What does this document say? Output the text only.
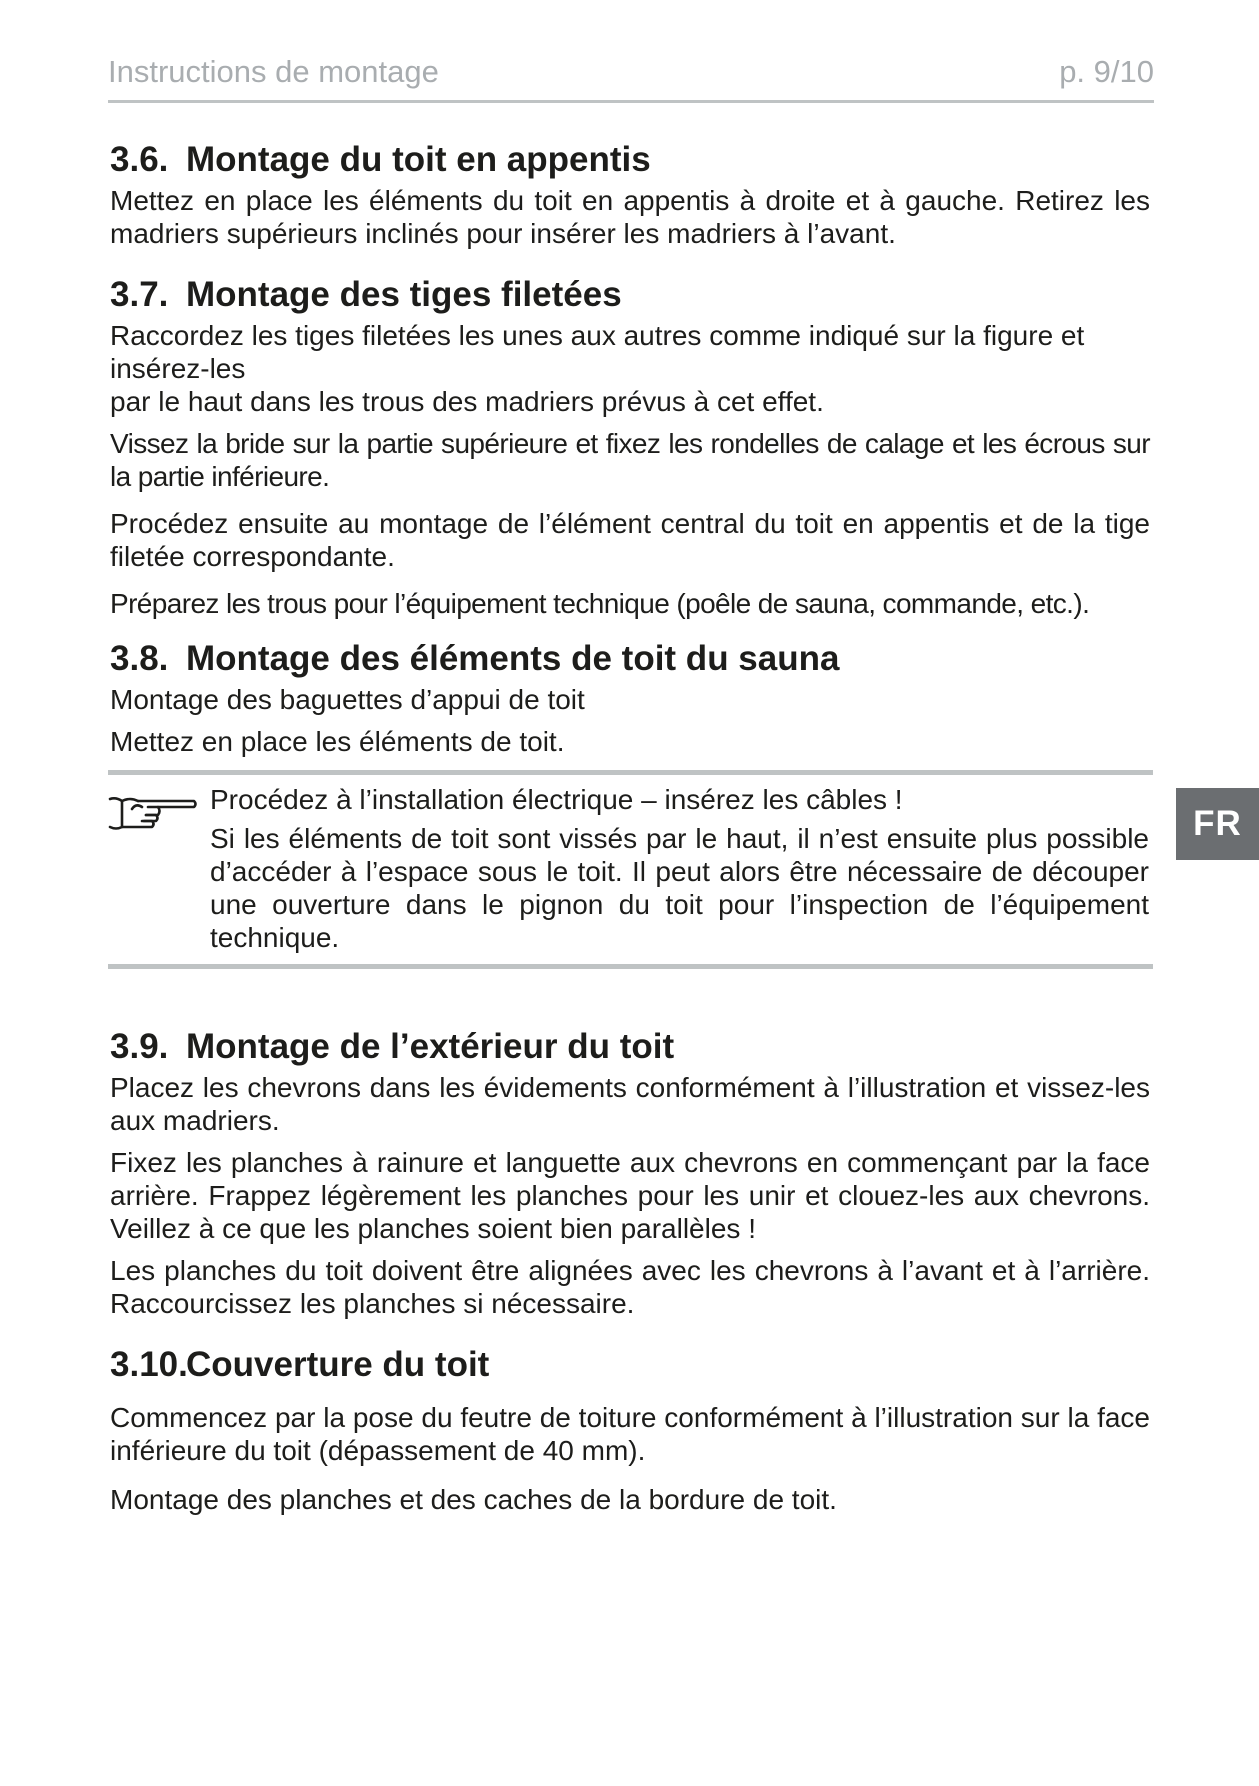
Instructions de montage	p. 9/10
FR
3.6. Montage du toit en appentis

Mettez en place les éléments du toit en appentis à droite et à gauche. Retirez les madriers supérieurs inclinés pour insérer les madriers à l’avant.

3.7. Montage des tiges filetées

Raccordez les tiges filetées les unes aux autres comme indiqué sur la figure et insérez-les

par le haut dans les trous des madriers prévus à cet effet.

Vissez la bride sur la partie supérieure et fixez les rondelles de calage et les écrous sur la partie inférieure.

Procédez ensuite au montage de l’élément central du toit en appentis et de la tige filetée correspondante.

Préparez les trous pour l’équipement technique (poêle de sauna, commande, etc.).

3.8. Montage des éléments de toit du sauna

Montage des baguettes d’appui de toit

Mettez en place les éléments de toit.

Procédez à l’installation électrique – insérez les câbles !

Si les éléments de toit sont vissés par le haut, il n’est ensuite plus possible d’accéder à l’espace sous le toit. Il peut alors être nécessaire de découper une ouverture dans le pignon du toit pour l’inspection de l’équipement technique.

3.9. Montage de l’extérieur du toit

Placez les chevrons dans les évidements conformément à l’illustration et vissez-les aux madriers.

Fixez les planches à rainure et languette aux chevrons en commençant par la face arrière. Frappez légèrement les planches pour les unir et clouez-les aux chevrons. Veillez à ce que les planches soient bien parallèles !

Les planches du toit doivent être alignées avec les chevrons à l’avant et à l’arrière. Raccourcissez les planches si nécessaire.

3.10.
Couverture du toit

Commencez par la pose du feutre de toiture conformément à l’illustration sur la face inférieure du toit (dépassement de 40 mm).

Montage des planches et des caches de la bordure de toit.
